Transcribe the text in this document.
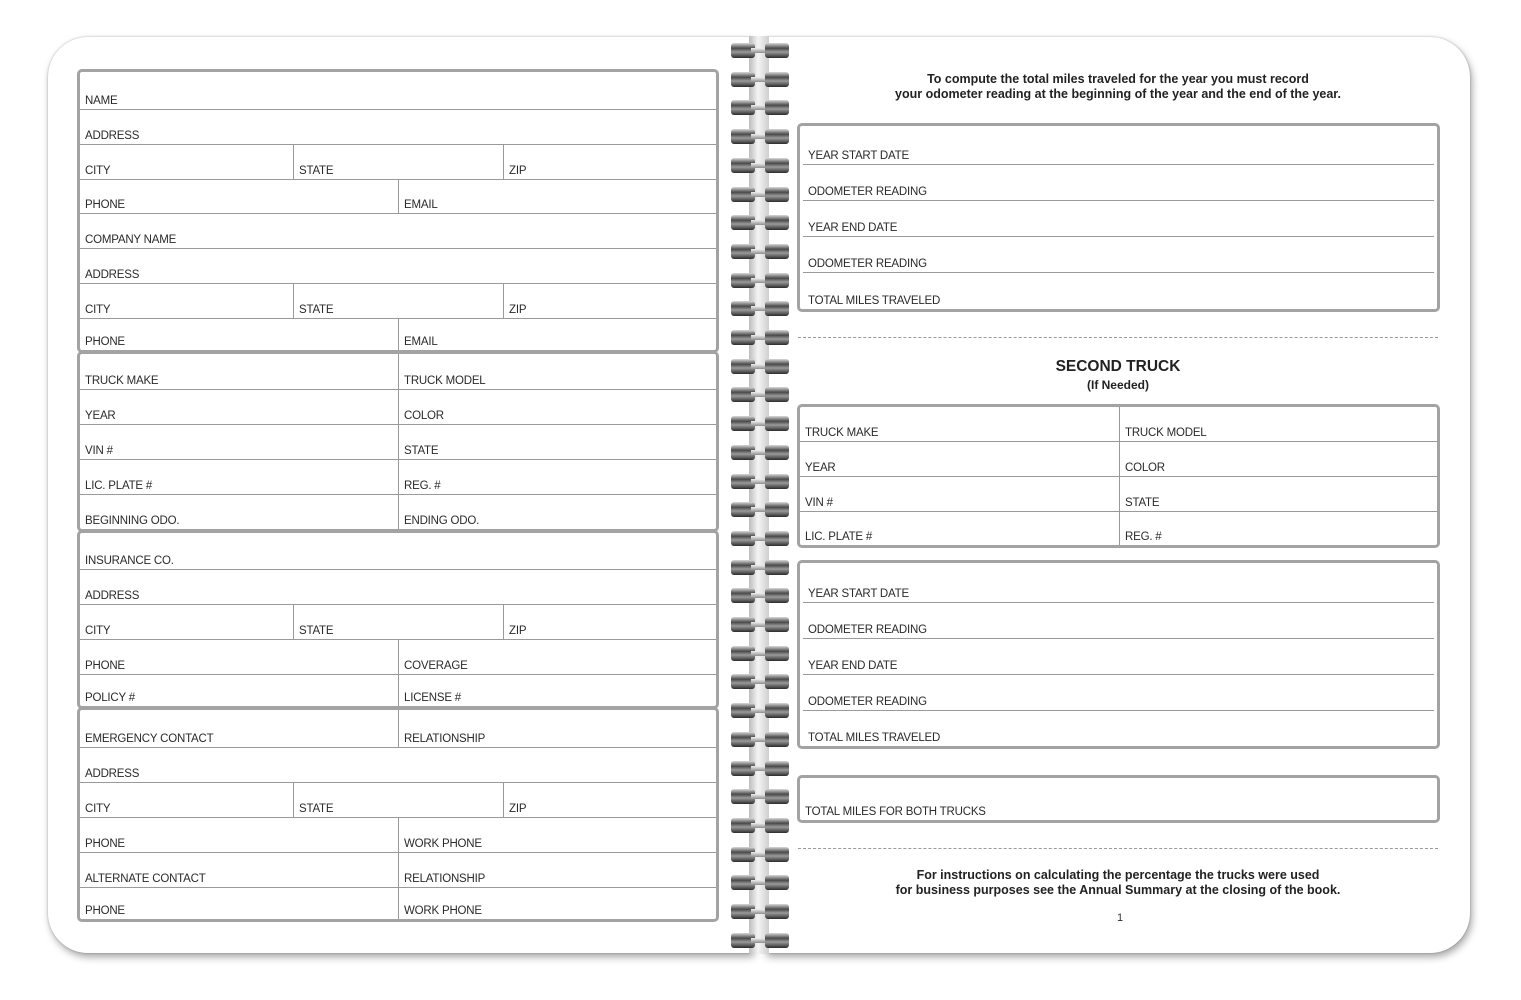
NAME
ADDRESS
CITY	STATE	ZIP
PHONE	EMAIL
COMPANY NAME
ADDRESS
CITY	STATE	ZIP
PHONE	EMAIL
TRUCK MAKE	TRUCK MODEL
YEAR	COLOR
VIN #	STATE
LIC. PLATE #	REG. #
BEGINNING ODO.	ENDING ODO.
INSURANCE CO.
ADDRESS
CITY	STATE	ZIP
PHONE	COVERAGE
POLICY #	LICENSE #
EMERGENCY CONTACT	RELATIONSHIP
ADDRESS
CITY	STATE	ZIP
PHONE	WORK PHONE
ALTERNATE CONTACT	RELATIONSHIP
PHONE	WORK PHONE
To compute the total miles traveled for the year you must record
your odometer reading at the beginning of the year and the end of the year.
YEAR START DATE
ODOMETER READING
YEAR END DATE
ODOMETER READING
TOTAL MILES TRAVELED
SECOND TRUCK
(If Needed)
TRUCK MAKE	TRUCK MODEL
YEAR	COLOR
VIN #	STATE
LIC. PLATE #	REG. #
YEAR START DATE
ODOMETER READING
YEAR END DATE
ODOMETER READING
TOTAL MILES TRAVELED
TOTAL MILES FOR BOTH TRUCKS
For instructions on calculating the percentage the trucks were used
for business purposes see the Annual Summary at the closing of the book.
1
